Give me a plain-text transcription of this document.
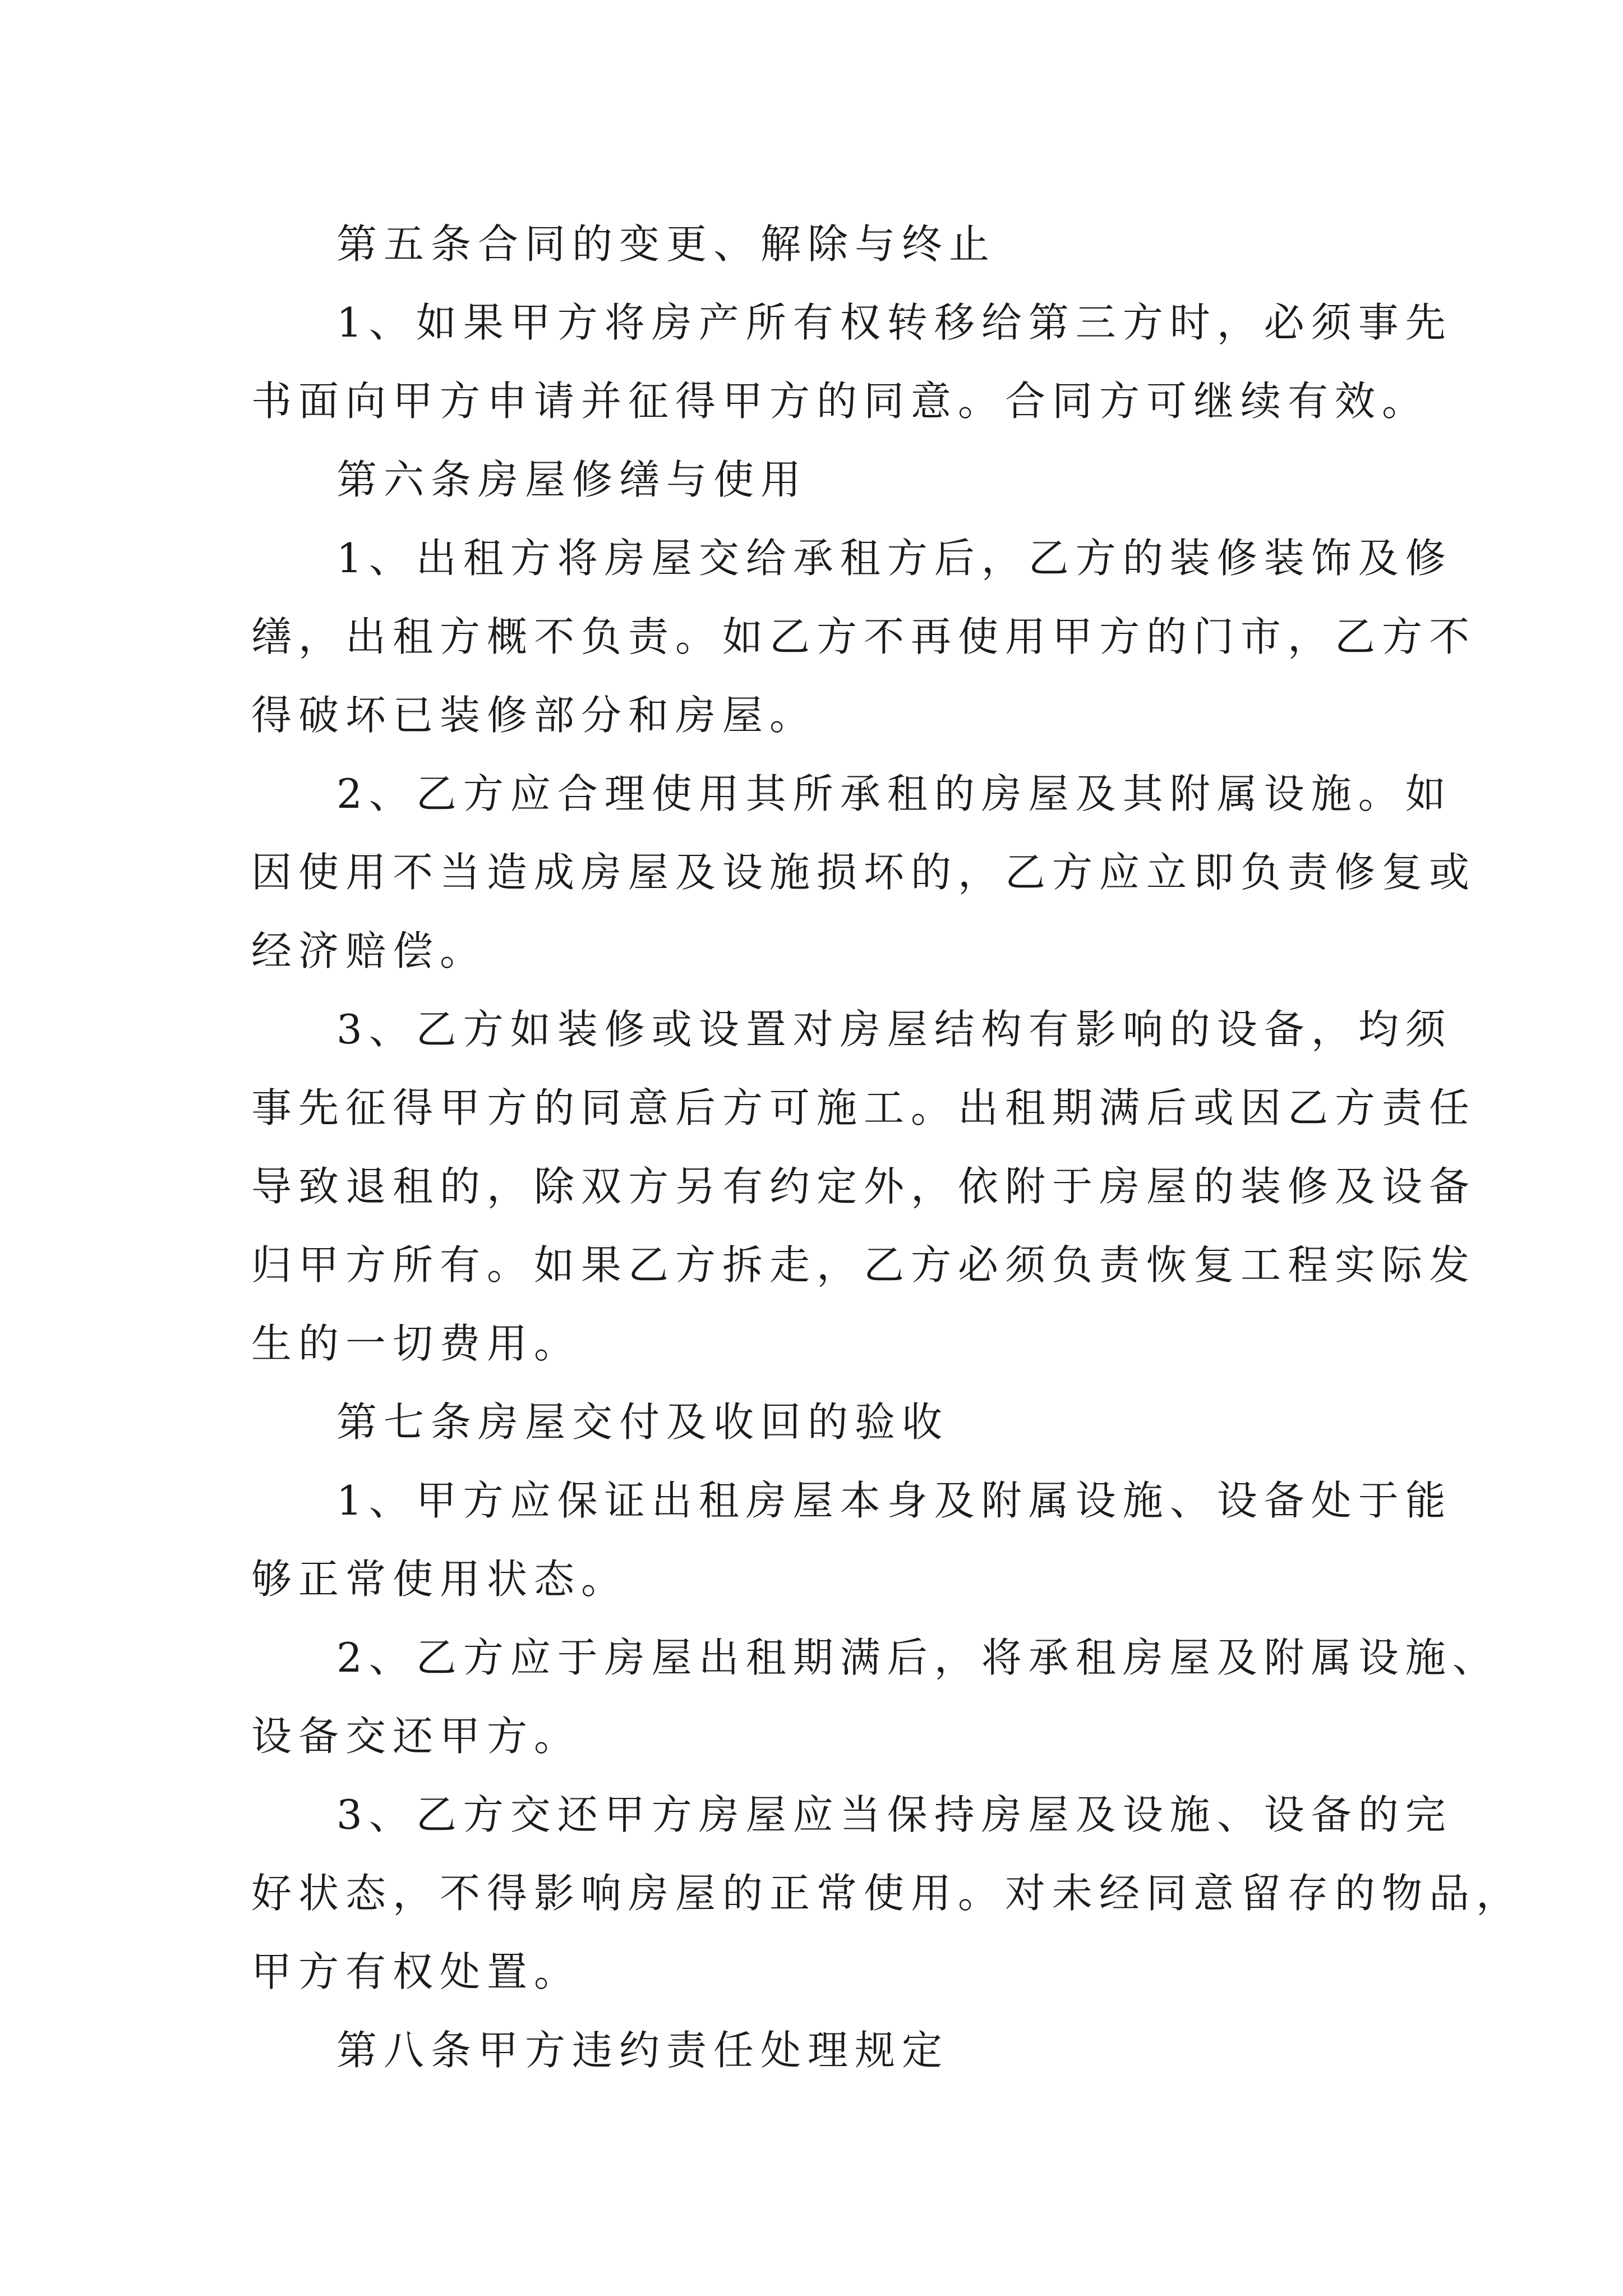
第五条合同的变更、解除与终止
1、如果甲方将房产所有权转移给第三方时，必须事先
书面向甲方申请并征得甲方的同意。合同方可继续有效。
第六条房屋修缮与使用
1、出租方将房屋交给承租方后，乙方的装修装饰及修
缮，出租方概不负责。如乙方不再使用甲方的门市，乙方不
得破坏已装修部分和房屋。
2、乙方应合理使用其所承租的房屋及其附属设施。如
因使用不当造成房屋及设施损坏的，乙方应立即负责修复或
经济赔偿。
3、乙方如装修或设置对房屋结构有影响的设备，均须
事先征得甲方的同意后方可施工。出租期满后或因乙方责任
导致退租的，除双方另有约定外，依附于房屋的装修及设备
归甲方所有。如果乙方拆走，乙方必须负责恢复工程实际发
生的一切费用。
第七条房屋交付及收回的验收
1、甲方应保证出租房屋本身及附属设施、设备处于能
够正常使用状态。
2、乙方应于房屋出租期满后，将承租房屋及附属设施、
设备交还甲方。
3、乙方交还甲方房屋应当保持房屋及设施、设备的完
好状态，不得影响房屋的正常使用。对未经同意留存的物品，
甲方有权处置。
第八条甲方违约责任处理规定
